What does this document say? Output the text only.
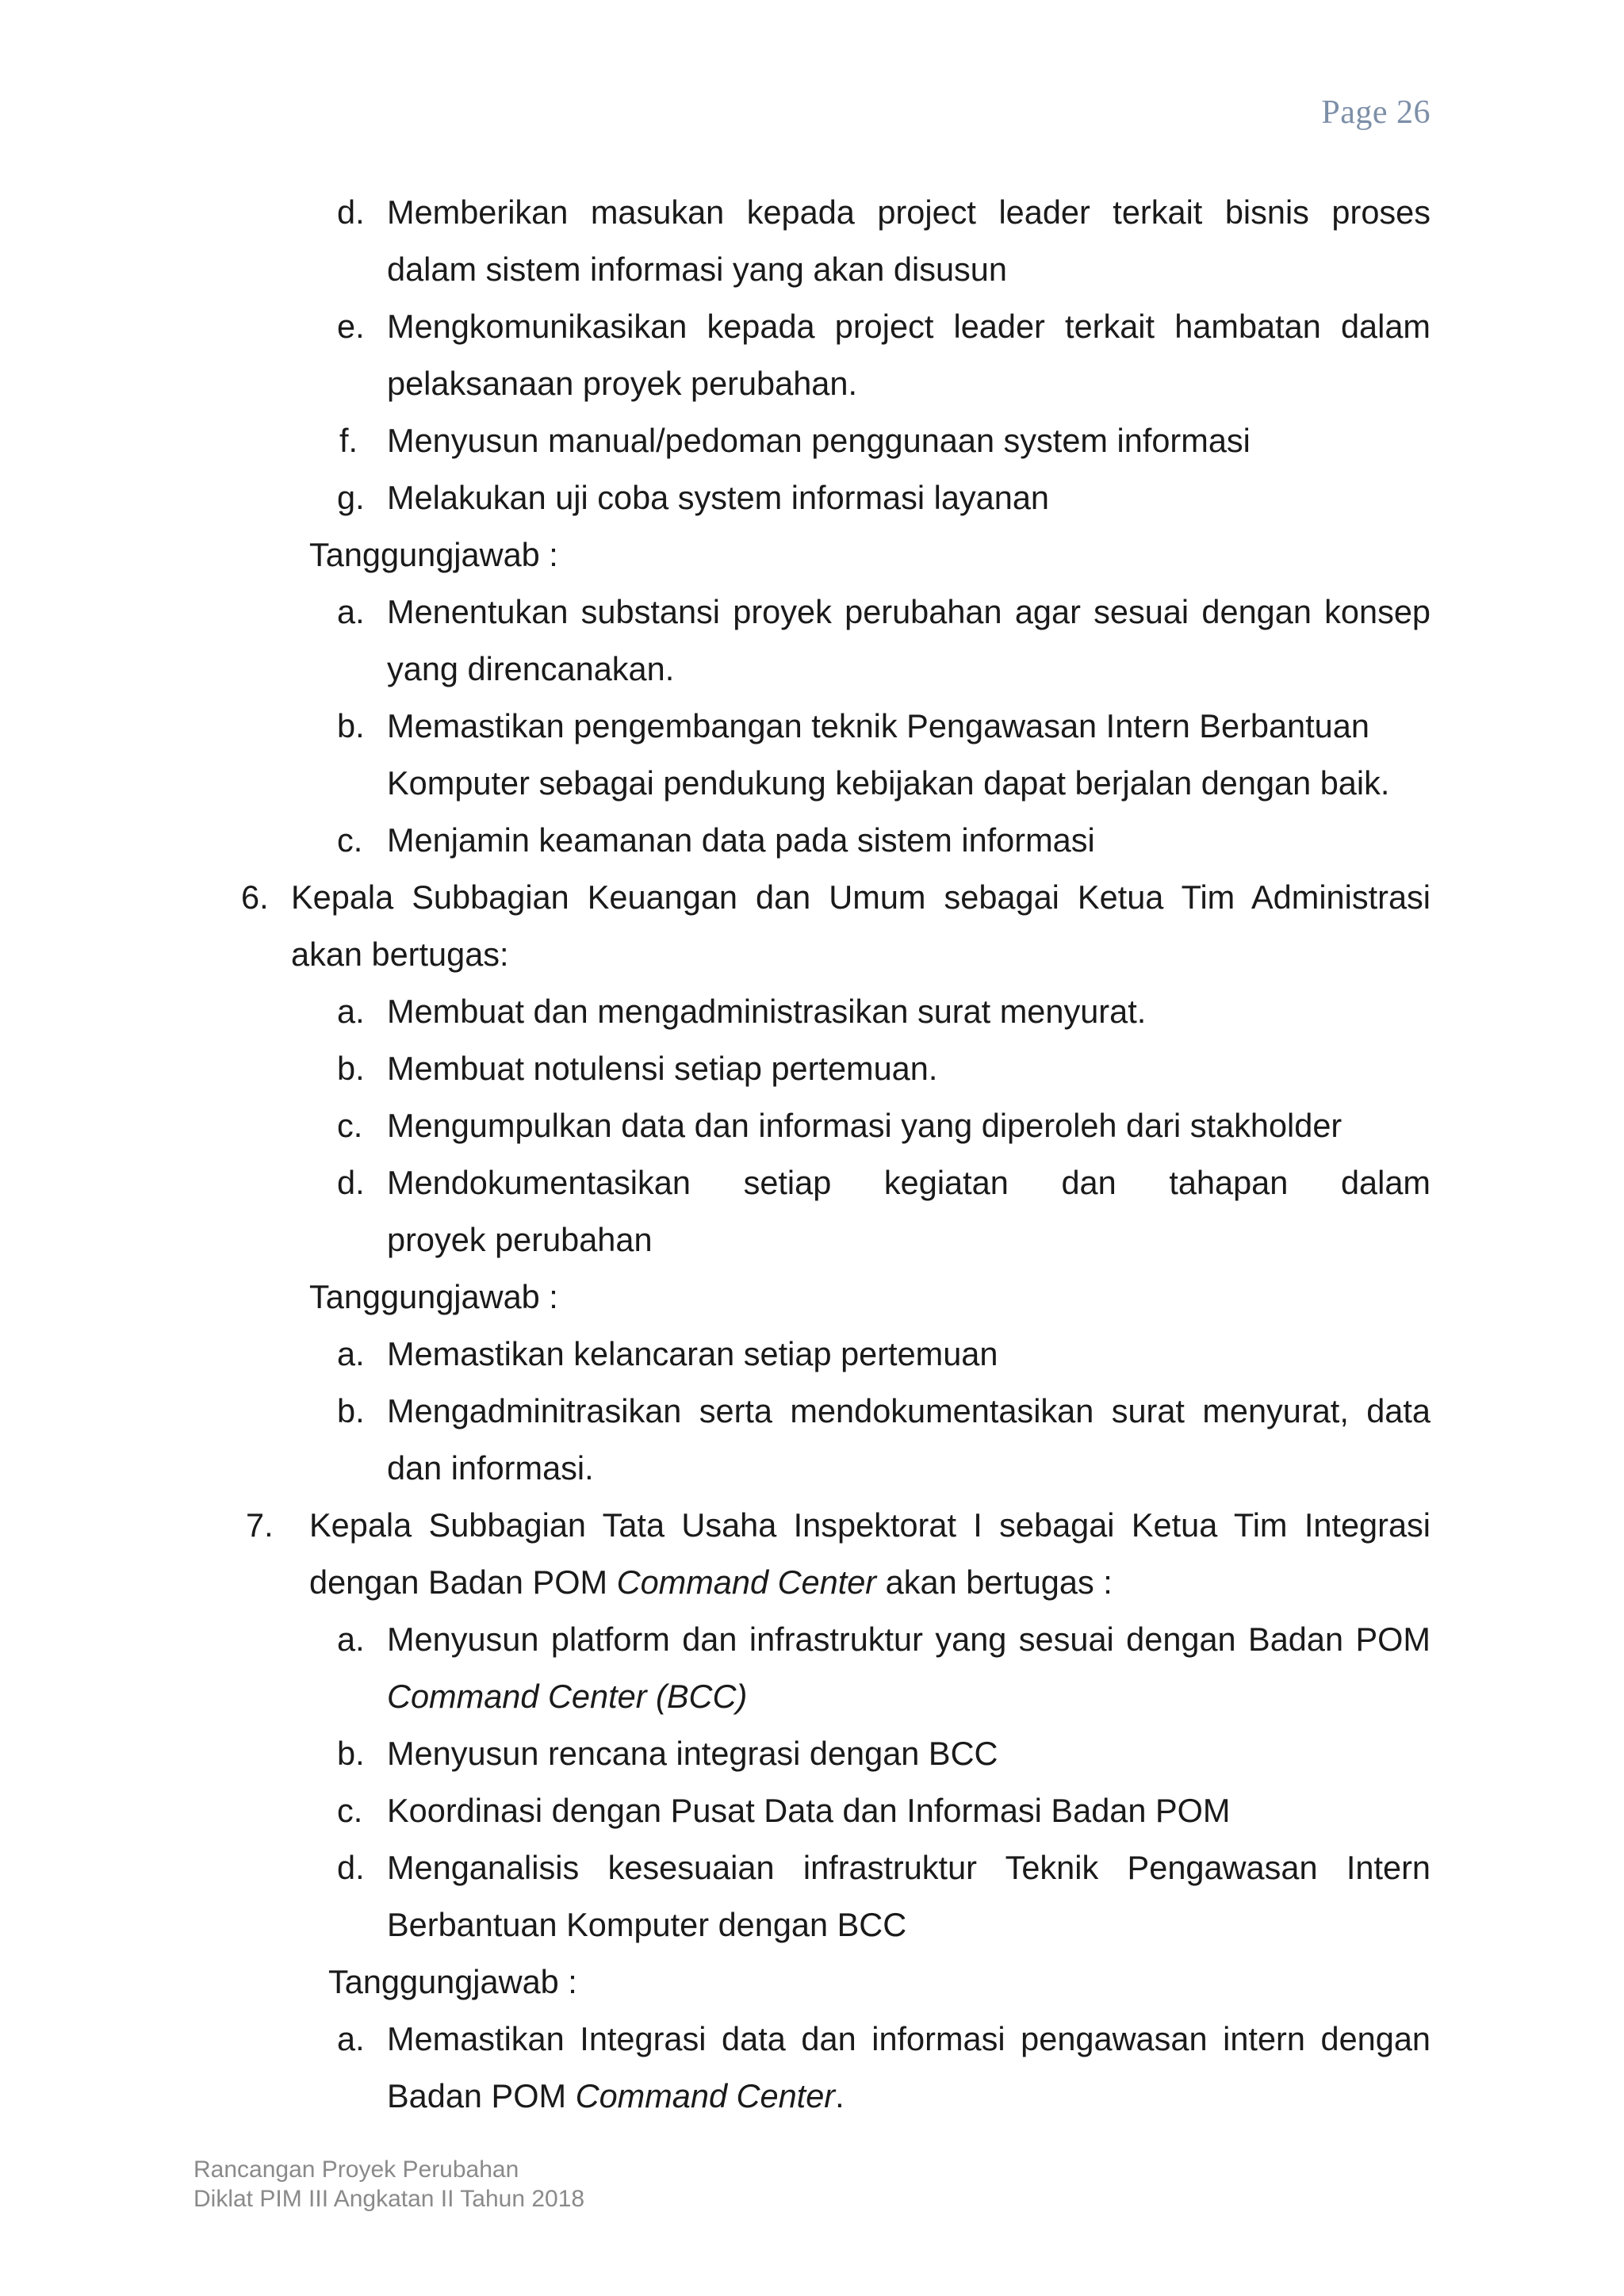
Page 26
d. Memberikan masukan kepada project leader terkait bisnis proses
dalam sistem informasi yang akan disusun
e. Mengkomunikasikan kepada project leader terkait hambatan dalam
pelaksanaan proyek perubahan.
f. Menyusun manual/pedoman penggunaan system informasi
g. Melakukan uji coba system informasi layanan
Tanggungjawab :
a. Menentukan substansi proyek perubahan agar sesuai dengan konsep
yang direncanakan.
b. Memastikan pengembangan teknik Pengawasan Intern Berbantuan
Komputer sebagai pendukung kebijakan dapat berjalan dengan baik.
c. Menjamin keamanan data pada sistem informasi
6. Kepala Subbagian Keuangan dan Umum sebagai Ketua Tim Administrasi
akan bertugas:
a. Membuat dan mengadministrasikan surat menyurat.
b. Membuat notulensi setiap pertemuan.
c. Mengumpulkan data dan informasi yang diperoleh dari stakholder
d. Mendokumentasikan setiap kegiatan dan tahapan dalam
proyek perubahan
Tanggungjawab :
a. Memastikan kelancaran setiap pertemuan
b. Mengadminitrasikan serta mendokumentasikan surat menyurat, data
dan informasi.
7. Kepala Subbagian Tata Usaha Inspektorat I sebagai Ketua Tim Integrasi
dengan Badan POM Command Center akan bertugas :
a. Menyusun platform dan infrastruktur yang sesuai dengan Badan POM
Command Center (BCC)
b. Menyusun rencana integrasi dengan BCC
c. Koordinasi dengan Pusat Data dan Informasi Badan POM
d. Menganalisis kesesuaian infrastruktur Teknik Pengawasan Intern
Berbantuan Komputer dengan BCC
Tanggungjawab :
a. Memastikan Integrasi data dan informasi pengawasan intern dengan
Badan POM Command Center.
Rancangan Proyek Perubahan
Diklat PIM III Angkatan II Tahun 2018
